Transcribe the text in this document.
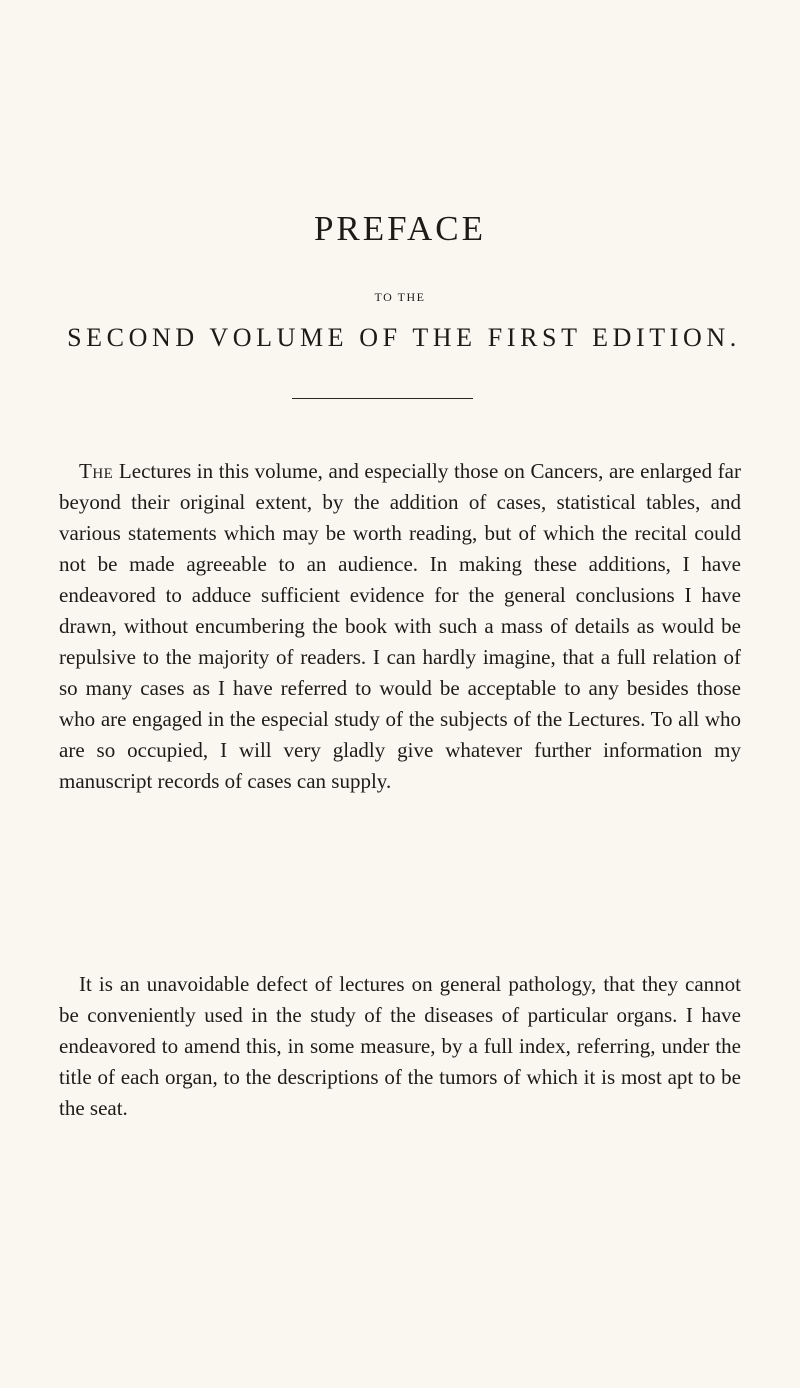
PREFACE
TO THE
SECOND VOLUME OF THE FIRST EDITION.

The Lectures in this volume, and especially those on Cancers, are enlarged far beyond their original extent, by the addition of cases, statistical tables, and various statements which may be worth reading, but of which the recital could not be made agreeable to an audience. In making these additions, I have endeavored to adduce sufficient evidence for the general conclusions I have drawn, without encumbering the book with such a mass of details as would be repulsive to the majority of readers. I can hardly imagine, that a full relation of so many cases as I have referred to would be acceptable to any besides those who are engaged in the especial study of the subjects of the Lectures. To all who are so occupied, I will very gladly give whatever further information my manuscript records of cases can supply.

It is an unavoidable defect of lectures on general pathology, that they cannot be conveniently used in the study of the diseases of particular organs. I have endeavored to amend this, in some measure, by a full index, referring, under the title of each organ, to the descriptions of the tumors of which it is most apt to be the seat.
